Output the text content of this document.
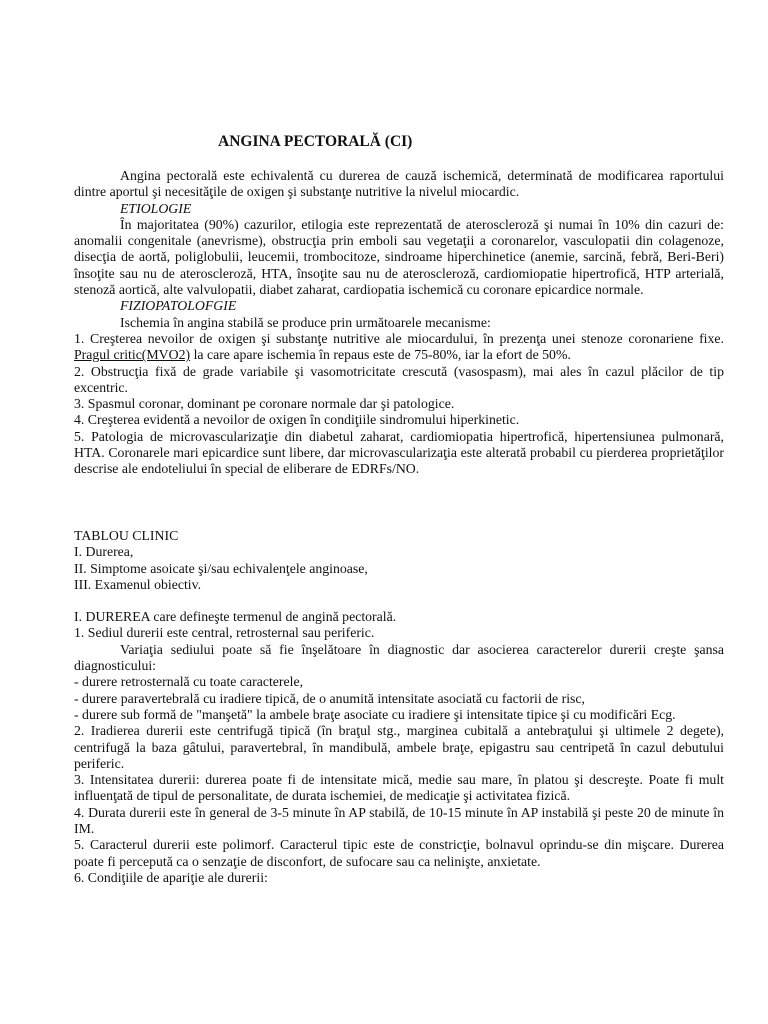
ANGINA PECTORALĂ (CI)

Angina pectorală este echivalentă cu durerea de cauză ischemică, determinată de modificarea raportului dintre aportul şi necesităţile de oxigen şi substanţe nutritive la nivelul miocardic.

ETIOLOGIE

În majoritatea (90%) cazurilor, etilogia este reprezentată de ateroscleroză şi numai în 10% din cazuri de: anomalii congenitale (anevrisme), obstrucţia prin emboli sau vegetaţii a coronarelor, vasculopatii din colagenoze, disecţia de aortă, poliglobulii, leucemii, trombocitoze, sindroame hiperchinetice (anemie, sarcină, febră, Beri-Beri) însoţite sau nu de ateroscleroză, HTA, însoţite sau nu de ateroscleroză, cardiomiopatie hipertrofică, HTP arterială, stenoză aortică, alte valvulopatii, diabet zaharat, cardiopatia ischemică cu coronare epicardice normale.

FIZIOPATOLOFGIE

Ischemia în angina stabilă se produce prin următoarele mecanisme:

1. Creşterea nevoilor de oxigen şi substanţe nutritive ale miocardului, în prezenţa unei stenoze coronariene fixe. Pragul critic(MVO2) la care apare ischemia în repaus este de 75-80%, iar la efort de 50%.

2. Obstrucţia fixă de grade variabile şi vasomotricitate crescută (vasospasm), mai ales în cazul plăcilor de tip excentric.

3. Spasmul coronar, dominant pe coronare normale dar şi patologice.

4. Creşterea evidentă a nevoilor de oxigen în condiţiile sindromului hiperkinetic.

5. Patologia de microvascularizaţie din diabetul zaharat, cardiomiopatia hipertrofică, hipertensiunea pulmonară, HTA. Coronarele mari epicardice sunt libere, dar microvascularizaţia este alterată probabil cu pierderea proprietăţilor descrise ale endoteliului în special de eliberare de EDRFs/NO.

TABLOU CLINIC

I. Durerea,

II. Simptome asoicate şi/sau echivalenţele anginoase,

III. Examenul obiectiv.

I. DUREREA care defineşte termenul de angină pectorală.

1. Sediul durerii este central, retrosternal sau periferic.

Variaţia sediului poate să fie înşelătoare în diagnostic dar asocierea caracterelor durerii creşte şansa diagnosticului:

- durere retrosternală cu toate caracterele,

- durere paravertebrală cu iradiere tipică, de o anumită intensitate asociată cu factorii de risc,

- durere sub formă de "manşetă" la ambele braţe asociate cu iradiere şi intensitate tipice şi cu modificări Ecg.

2. Iradierea durerii este centrifugă tipică (în braţul stg., marginea cubitală a antebraţului şi ultimele 2 degete), centrifugă la baza gâtului, paravertebral, în mandibulă, ambele braţe, epigastru sau centripetă în cazul debutului periferic.

3. Intensitatea durerii: durerea poate fi de intensitate mică, medie sau mare, în platou şi descreşte. Poate fi mult influenţată de tipul de personalitate, de durata ischemiei, de medicaţie şi activitatea fizică.

4. Durata durerii este în general de 3-5 minute în AP stabilă, de 10-15 minute în AP instabilă şi peste 20 de minute în IM.

5. Caracterul durerii este polimorf. Caracterul tipic este de constricţie, bolnavul oprindu-se din mişcare. Durerea poate fi percepută ca o senzaţie de disconfort, de sufocare sau ca nelinişte, anxietate.

6. Condiţiile de apariţie ale durerii:
